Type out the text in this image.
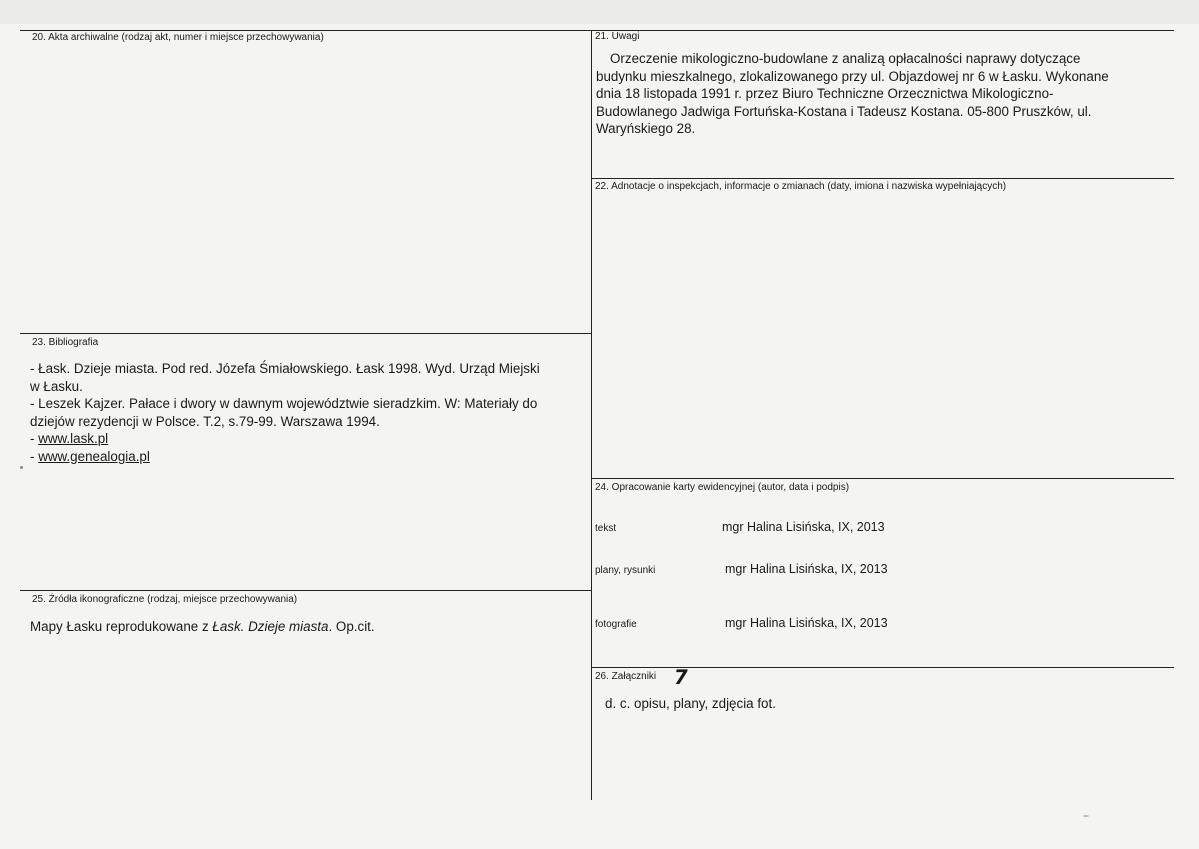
20. Akta archiwalne (rodzaj akt, numer i miejsce przechowywania)	21. Uwagi
Orzeczenie mikologiczno-budowlane z analizą opłacalności naprawy dotyczące
budynku mieszkalnego, zlokalizowanego przy ul. Objazdowej nr 6 w Łasku. Wykonane
dnia 18 listopada 1991 r. przez Biuro Techniczne Orzecznictwa Mikologiczno-
Budowlanego Jadwiga Fortuńska-Kostana i Tadeusz Kostana. 05-800 Pruszków, ul.
Waryńskiego 28.
22. Adnotacje o inspekcjach, informacje o zmianach (daty, imiona i nazwiska wypełniających)
23. Bibliografia
- Łask. Dzieje miasta. Pod red. Józefa Śmiałowskiego. Łask 1998. Wyd. Urząd Miejski
w Łasku.
- Leszek Kajzer. Pałace i dwory w dawnym województwie sieradzkim. W: Materiały do
dziejów rezydencji w Polsce. T.2, s.79-99. Warszawa 1994.
- www.lask.pl
- www.genealogia.pl
24. Opracowanie karty ewidencyjnej (autor, data i podpis)
tekst	mgr Halina Lisińska, IX, 2013
plany, rysunki	mgr Halina Lisińska, IX, 2013
fotografie	mgr Halina Lisińska, IX, 2013
25. Źródła ikonograficzne (rodzaj, miejsce przechowywania)
Mapy Łasku reprodukowane z Łask. Dzieje miasta. Op.cit.
26. Załączniki 7
d. c. opisu, plany, zdjęcia fot.
